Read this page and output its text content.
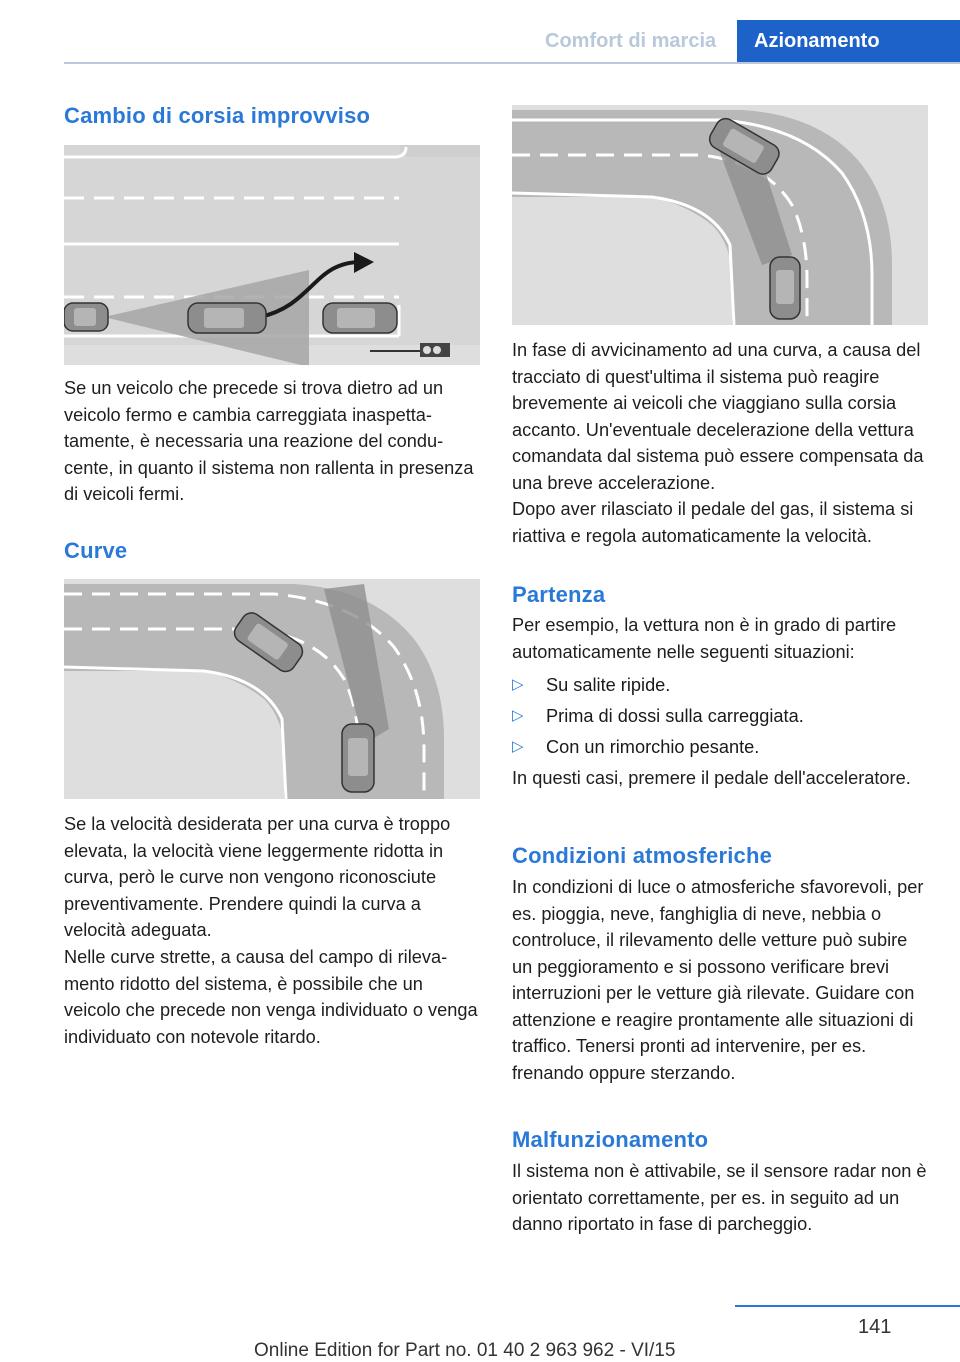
Comfort di marcia	Azionamento
Cambio di corsia improvviso

Se un veicolo che precede si trova dietro ad un veicolo fermo e cambia carreggiata inaspettatamente, è necessaria una reazione del conducente, in quanto il sistema non rallenta in presenza di veicoli fermi.

Curve

Se la velocità desiderata per una curva è troppo elevata, la velocità viene leggermente ridotta in curva, però le curve non vengono riconosciute preventivamente. Prendere quindi la curva a velocità adeguata.

Nelle curve strette, a causa del campo di rilevamento ridotto del sistema, è possibile che un veicolo che precede non venga individuato o venga individuato con notevole ritardo.

In fase di avvicinamento ad una curva, a causa del tracciato di quest'ultima il sistema può reagire brevemente ai veicoli che viaggiano sulla corsia accanto. Un'eventuale decelerazione della vettura comandata dal sistema può essere compensata da una breve accelerazione.

Dopo aver rilasciato il pedale del gas, il sistema si riattiva e regola automaticamente la velocità.

Partenza

Per esempio, la vettura non è in grado di partire automaticamente nelle seguenti situazioni:

▷ Su salite ripide.
▷ Prima di dossi sulla carreggiata.
▷ Con un rimorchio pesante.

In questi casi, premere il pedale dell'acceleratore.

Condizioni atmosferiche

In condizioni di luce o atmosferiche sfavorevoli, per es. pioggia, neve, fanghiglia di neve, nebbia o controluce, il rilevamento delle vetture può subire un peggioramento e si possono verificare brevi interruzioni per le vetture già rilevate. Guidare con attenzione e reagire prontamente alle situazioni di traffico. Tenersi pronti ad intervenire, per es. frenando oppure sterzando.

Malfunzionamento

Il sistema non è attivabile, se il sensore radar non è orientato correttamente, per es. in seguito ad un danno riportato in fase di parcheggio.

141
Online Edition for Part no. 01 40 2 963 962 - VI/15
